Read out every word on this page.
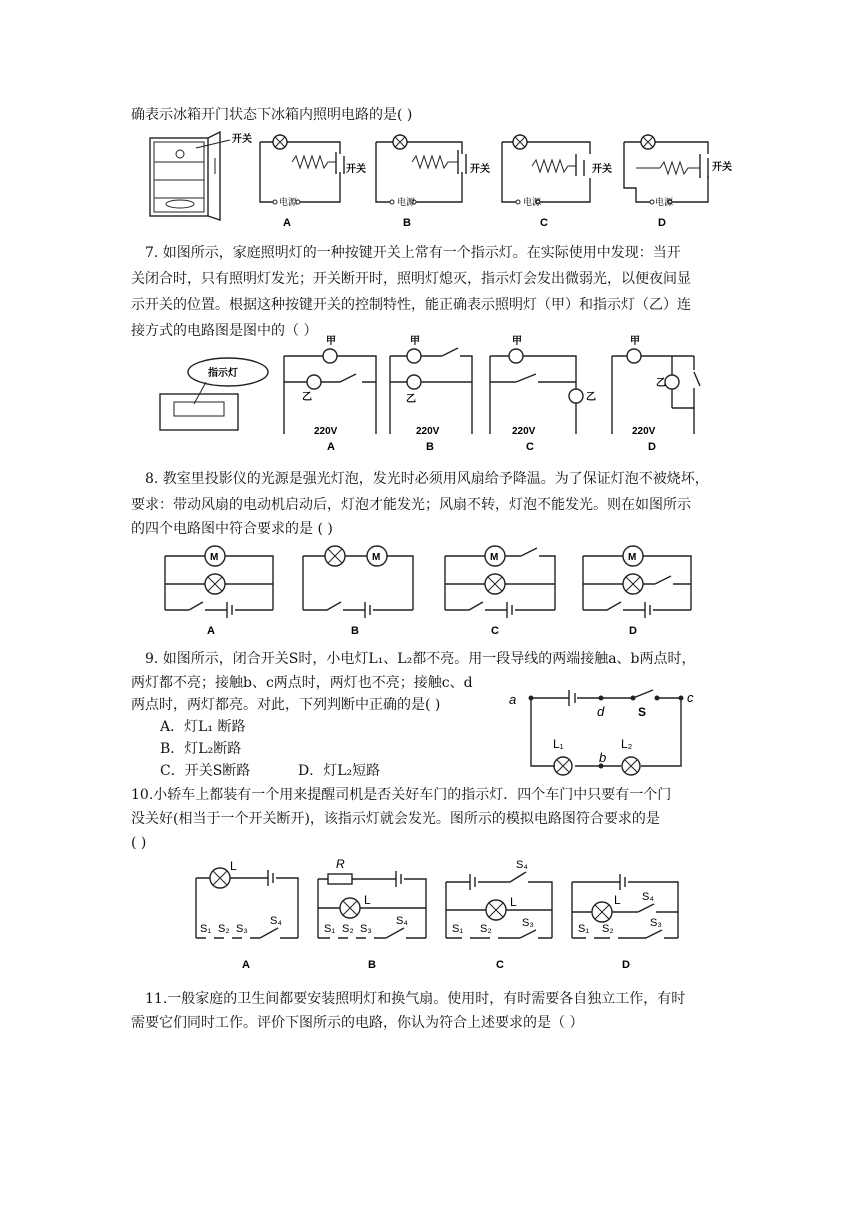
确表示冰箱开门状态下冰箱内照明电路的是( )
开关
开关
电源
A
开关
电源
B
开关
电源
C
开关
电源
D
7. 如图所示，家庭照明灯的一种按键开关上常有一个指示灯。在实际使用中发现：当开
关闭合时，只有照明灯发光；开关断开时，照明灯熄灭，指示灯会发出微弱光，以便夜间显
示开关的位置。根据这种按键开关的控制特性，能正确表示照明灯（甲）和指示灯（乙）连
接方式的电路图是图中的（ ）
指示灯
甲
乙
220V
A
甲
乙
220V
B
甲
乙
220V
C
甲
乙
220V
D
8. 教室里投影仪的光源是强光灯泡，发光时必须用风扇给予降温。为了保证灯泡不被烧坏，
要求：带动风扇的电动机启动后，灯泡才能发光；风扇不转，灯泡不能发光。则在如图所示
的四个电路图中符合要求的是 ( )
M
A
M
B
M
C
M
D
9. 如图所示，闭合开关S时，小电灯L₁、L₂都不亮。用一段导线的两端接触a、b两点时，
两灯都不亮；接触b、c两点时，两灯也不亮；接触c、d
两点时，两灯都亮。对此，下列判断中正确的是( )
A．灯L₁ 断路
B．灯L₂断路
C．开关S断路	D．灯L₂短路
a
d
c
b
S
L₁	L₂
10.小轿车上都装有一个用来提醒司机是否关好车门的指示灯．四个车门中只要有一个门
没关好(相当于一个开关断开)，该指示灯就会发光。图所示的模拟电路图符合要求的是
( )
L
S₁ S₂ S₃
S₄
A
R
L
S₁ S₂ S₃
S₄
B
S₄
L
S₁ S₂	S₃
C
L S₄
S₁ S₂	S₃
D
11.一般家庭的卫生间都要安装照明灯和换气扇。使用时，有时需要各自独立工作，有时
需要它们同时工作。评价下图所示的电路，你认为符合上述要求的是（ ）
